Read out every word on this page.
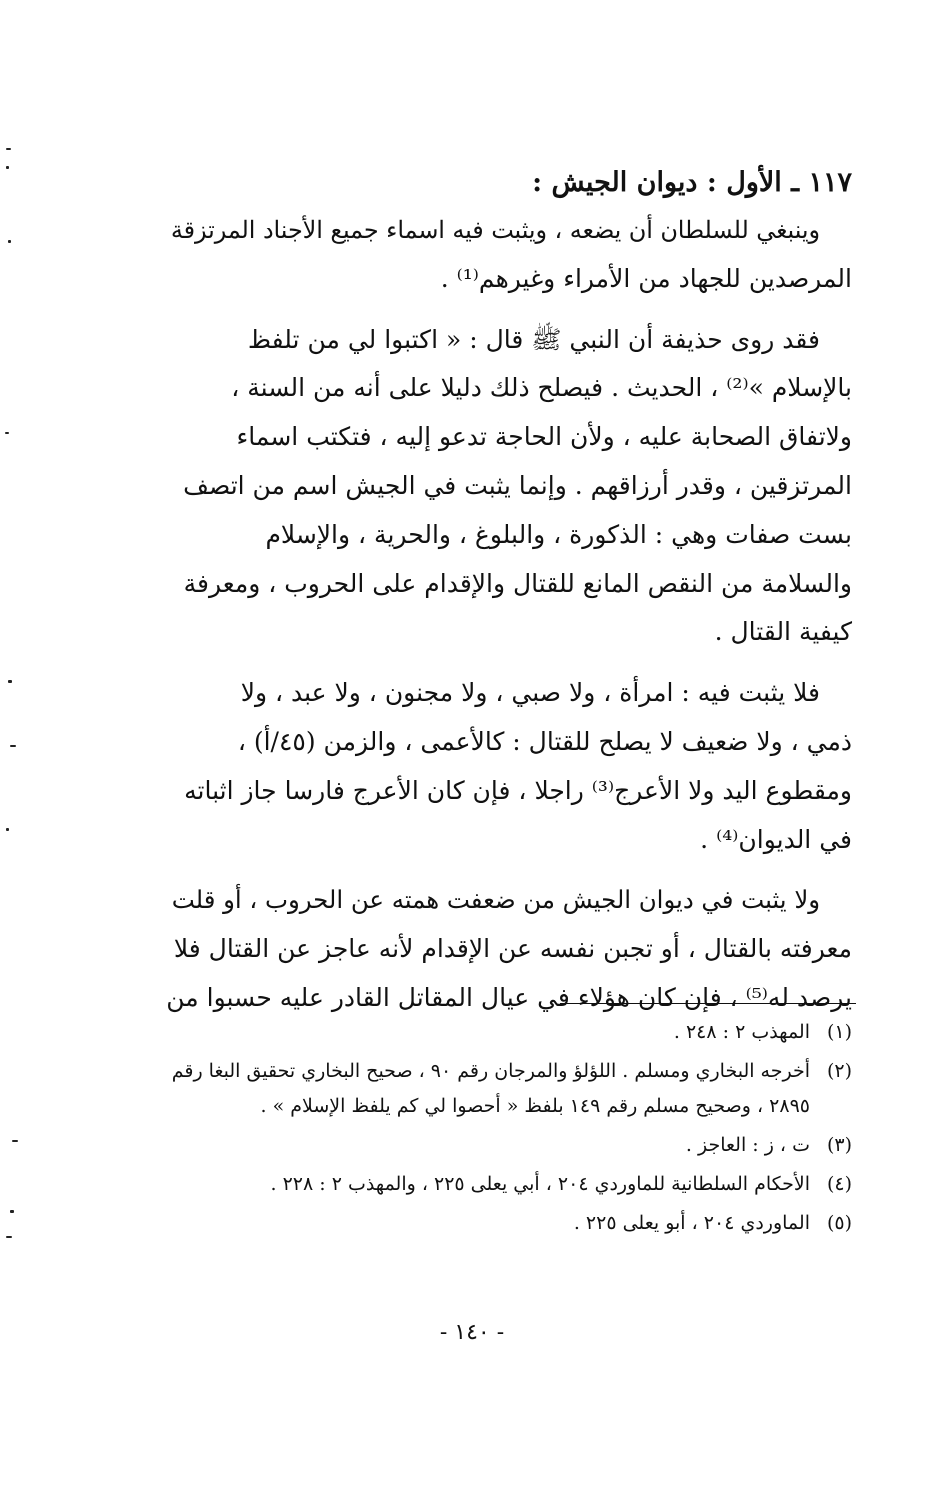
١١٧ ـ الأول : ديوان الجيش :
وينبغي للسلطان أن يضعه ، ويثبت فيه اسماء جميع الأجناد المرتزقة
المرصدين للجهاد من الأمراء وغيرهم⁽¹⁾ .
فقد روى حذيفة أن النبي ﷺ قال : « اكتبوا لي من تلفظ
بالإسلام »⁽²⁾ ، الحديث . فيصلح ذلك دليلا على أنه من السنة ،
ولاتفاق الصحابة عليه ، ولأن الحاجة تدعو إليه ، فتكتب اسماء
المرتزقين ، وقدر أرزاقهم . وإنما يثبت في الجيش اسم من اتصف
بست صفات وهي : الذكورة ، والبلوغ ، والحرية ، والإسلام
والسلامة من النقص المانع للقتال والإقدام على الحروب ، ومعرفة
كيفية القتال .
فلا يثبت فيه : امرأة ، ولا صبي ، ولا مجنون ، ولا عبد ، ولا
ذمي ، ولا ضعيف لا يصلح للقتال : كالأعمى ، والزمن (٤٥/أ) ،
ومقطوع اليد ولا الأعرج⁽³⁾ راجلا ، فإن كان الأعرج فارسا جاز اثباته
في الديوان⁽⁴⁾ .
ولا يثبت في ديوان الجيش من ضعفت همته عن الحروب ، أو قلت
معرفته بالقتال ، أو تجبن نفسه عن الإقدام لأنه عاجز عن القتال فلا
يرصد له⁽⁵⁾ ، فإن كان هؤلاء في عيال المقاتل القادر عليه حسبوا من
(١)المهذب ٢ : ٢٤٨ .
(٢)أخرجه البخاري ومسلم . اللؤلؤ والمرجان رقم ٩٠ ، صحيح البخاري تحقيق البغا رقم
٢٨٩٥ ، وصحيح مسلم رقم ١٤٩ بلفظ « أحصوا لي كم يلفظ الإسلام » .
(٣)ت ، ز : العاجز .
(٤)الأحكام السلطانية للماوردي ٢٠٤ ، أبي يعلى ٢٢٥ ، والمهذب ٢ : ٢٢٨ .
(٥)الماوردي ٢٠٤ ، أبو يعلى ٢٢٥ .
- ١٤٠ -
